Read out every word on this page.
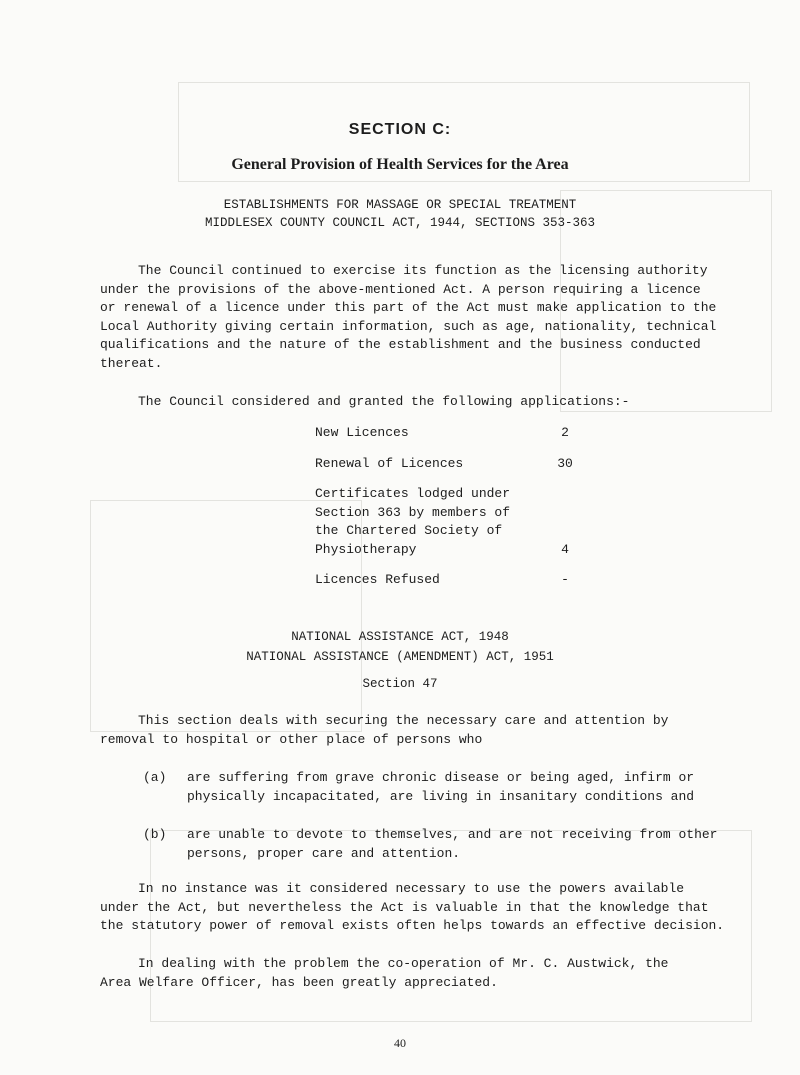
SECTION C:
General Provision of Health Services for the Area
ESTABLISHMENTS FOR MASSAGE OR SPECIAL TREATMENT
MIDDLESEX COUNTY COUNCIL ACT, 1944, SECTIONS 353-363
The Council continued to exercise its function as the licensing authority
under the provisions of the above-mentioned Act. A person requiring a licence
or renewal of a licence under this part of the Act must make application to the
Local Authority giving certain information, such as age, nationality, technical
qualifications and the nature of the establishment and the business conducted
thereat.
The Council considered and granted the following applications:-
New Licences	2
Renewal of Licences	30
Certificates lodged under
Section 363 by members of
the Chartered Society of
Physiotherapy	4
Licences Refused	-
NATIONAL ASSISTANCE ACT, 1948
NATIONAL ASSISTANCE (AMENDMENT) ACT, 1951
Section 47
This section deals with securing the necessary care and attention by
removal to hospital or other place of persons who
(a)	are suffering from grave chronic disease or being aged, infirm or
physically incapacitated, are living in insanitary conditions and
(b)	are unable to devote to themselves, and are not receiving from other
persons, proper care and attention.
In no instance was it considered necessary to use the powers available
under the Act, but nevertheless the Act is valuable in that the knowledge that
the statutory power of removal exists often helps towards an effective decision.
In dealing with the problem the co-operation of Mr. C. Austwick, the
Area Welfare Officer, has been greatly appreciated.
40
